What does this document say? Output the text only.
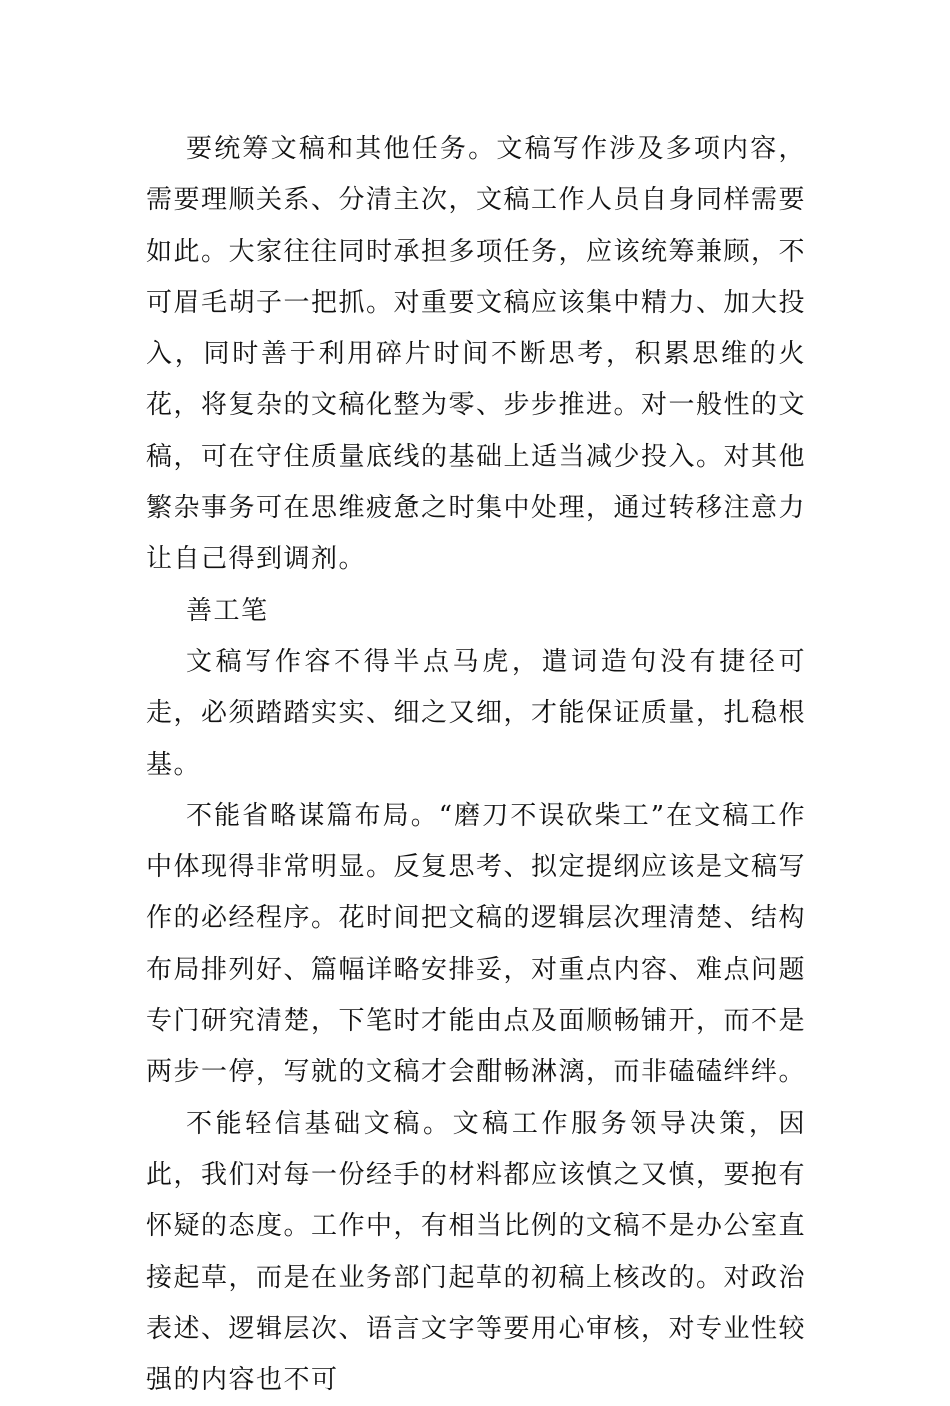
要统筹文稿和其他任务。文稿写作涉及多项内容，需要理顺关系、分清主次，文稿工作人员自身同样需要如此。大家往往同时承担多项任务，应该统筹兼顾，不可眉毛胡子一把抓。对重要文稿应该集中精力、加大投入，同时善于利用碎片时间不断思考，积累思维的火花，将复杂的文稿化整为零、步步推进。对一般性的文稿，可在守住质量底线的基础上适当减少投入。对其他繁杂事务可在思维疲惫之时集中处理，通过转移注意力让自己得到调剂。

善工笔

文稿写作容不得半点马虎，遣词造句没有捷径可走，必须踏踏实实、细之又细，才能保证质量，扎稳根基。

不能省略谋篇布局。“磨刀不误砍柴工”在文稿工作中体现得非常明显。反复思考、拟定提纲应该是文稿写作的必经程序。花时间把文稿的逻辑层次理清楚、结构布局排列好、篇幅详略安排妥，对重点内容、难点问题专门研究清楚，下笔时才能由点及面顺畅铺开，而不是两步一停，写就的文稿才会酣畅淋漓，而非磕磕绊绊。

不能轻信基础文稿。文稿工作服务领导决策，因此，我们对每一份经手的材料都应该慎之又慎，要抱有怀疑的态度。工作中，有相当比例的文稿不是办公室直接起草，而是在业务部门起草的初稿上核改的。对政治表述、逻辑层次、语言文字等要用心审核，对专业性较强的内容也不可
